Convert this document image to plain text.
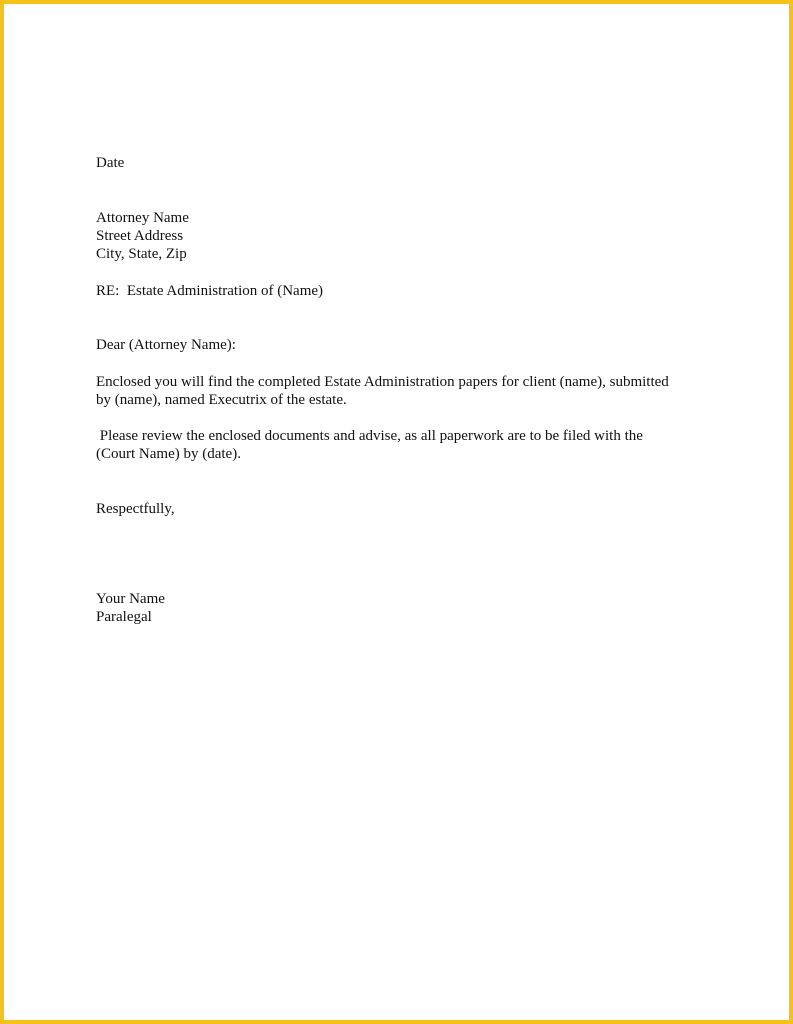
Date

Attorney Name

Street Address

City, State, Zip

RE:  Estate Administration of (Name)

Dear (Attorney Name):

Enclosed you will find the completed Estate Administration papers for client (name), submitted

by (name), named Executrix of the estate.

Please review the enclosed documents and advise, as all paperwork are to be filed with the

(Court Name) by (date).

Respectfully,

Your Name

Paralegal
